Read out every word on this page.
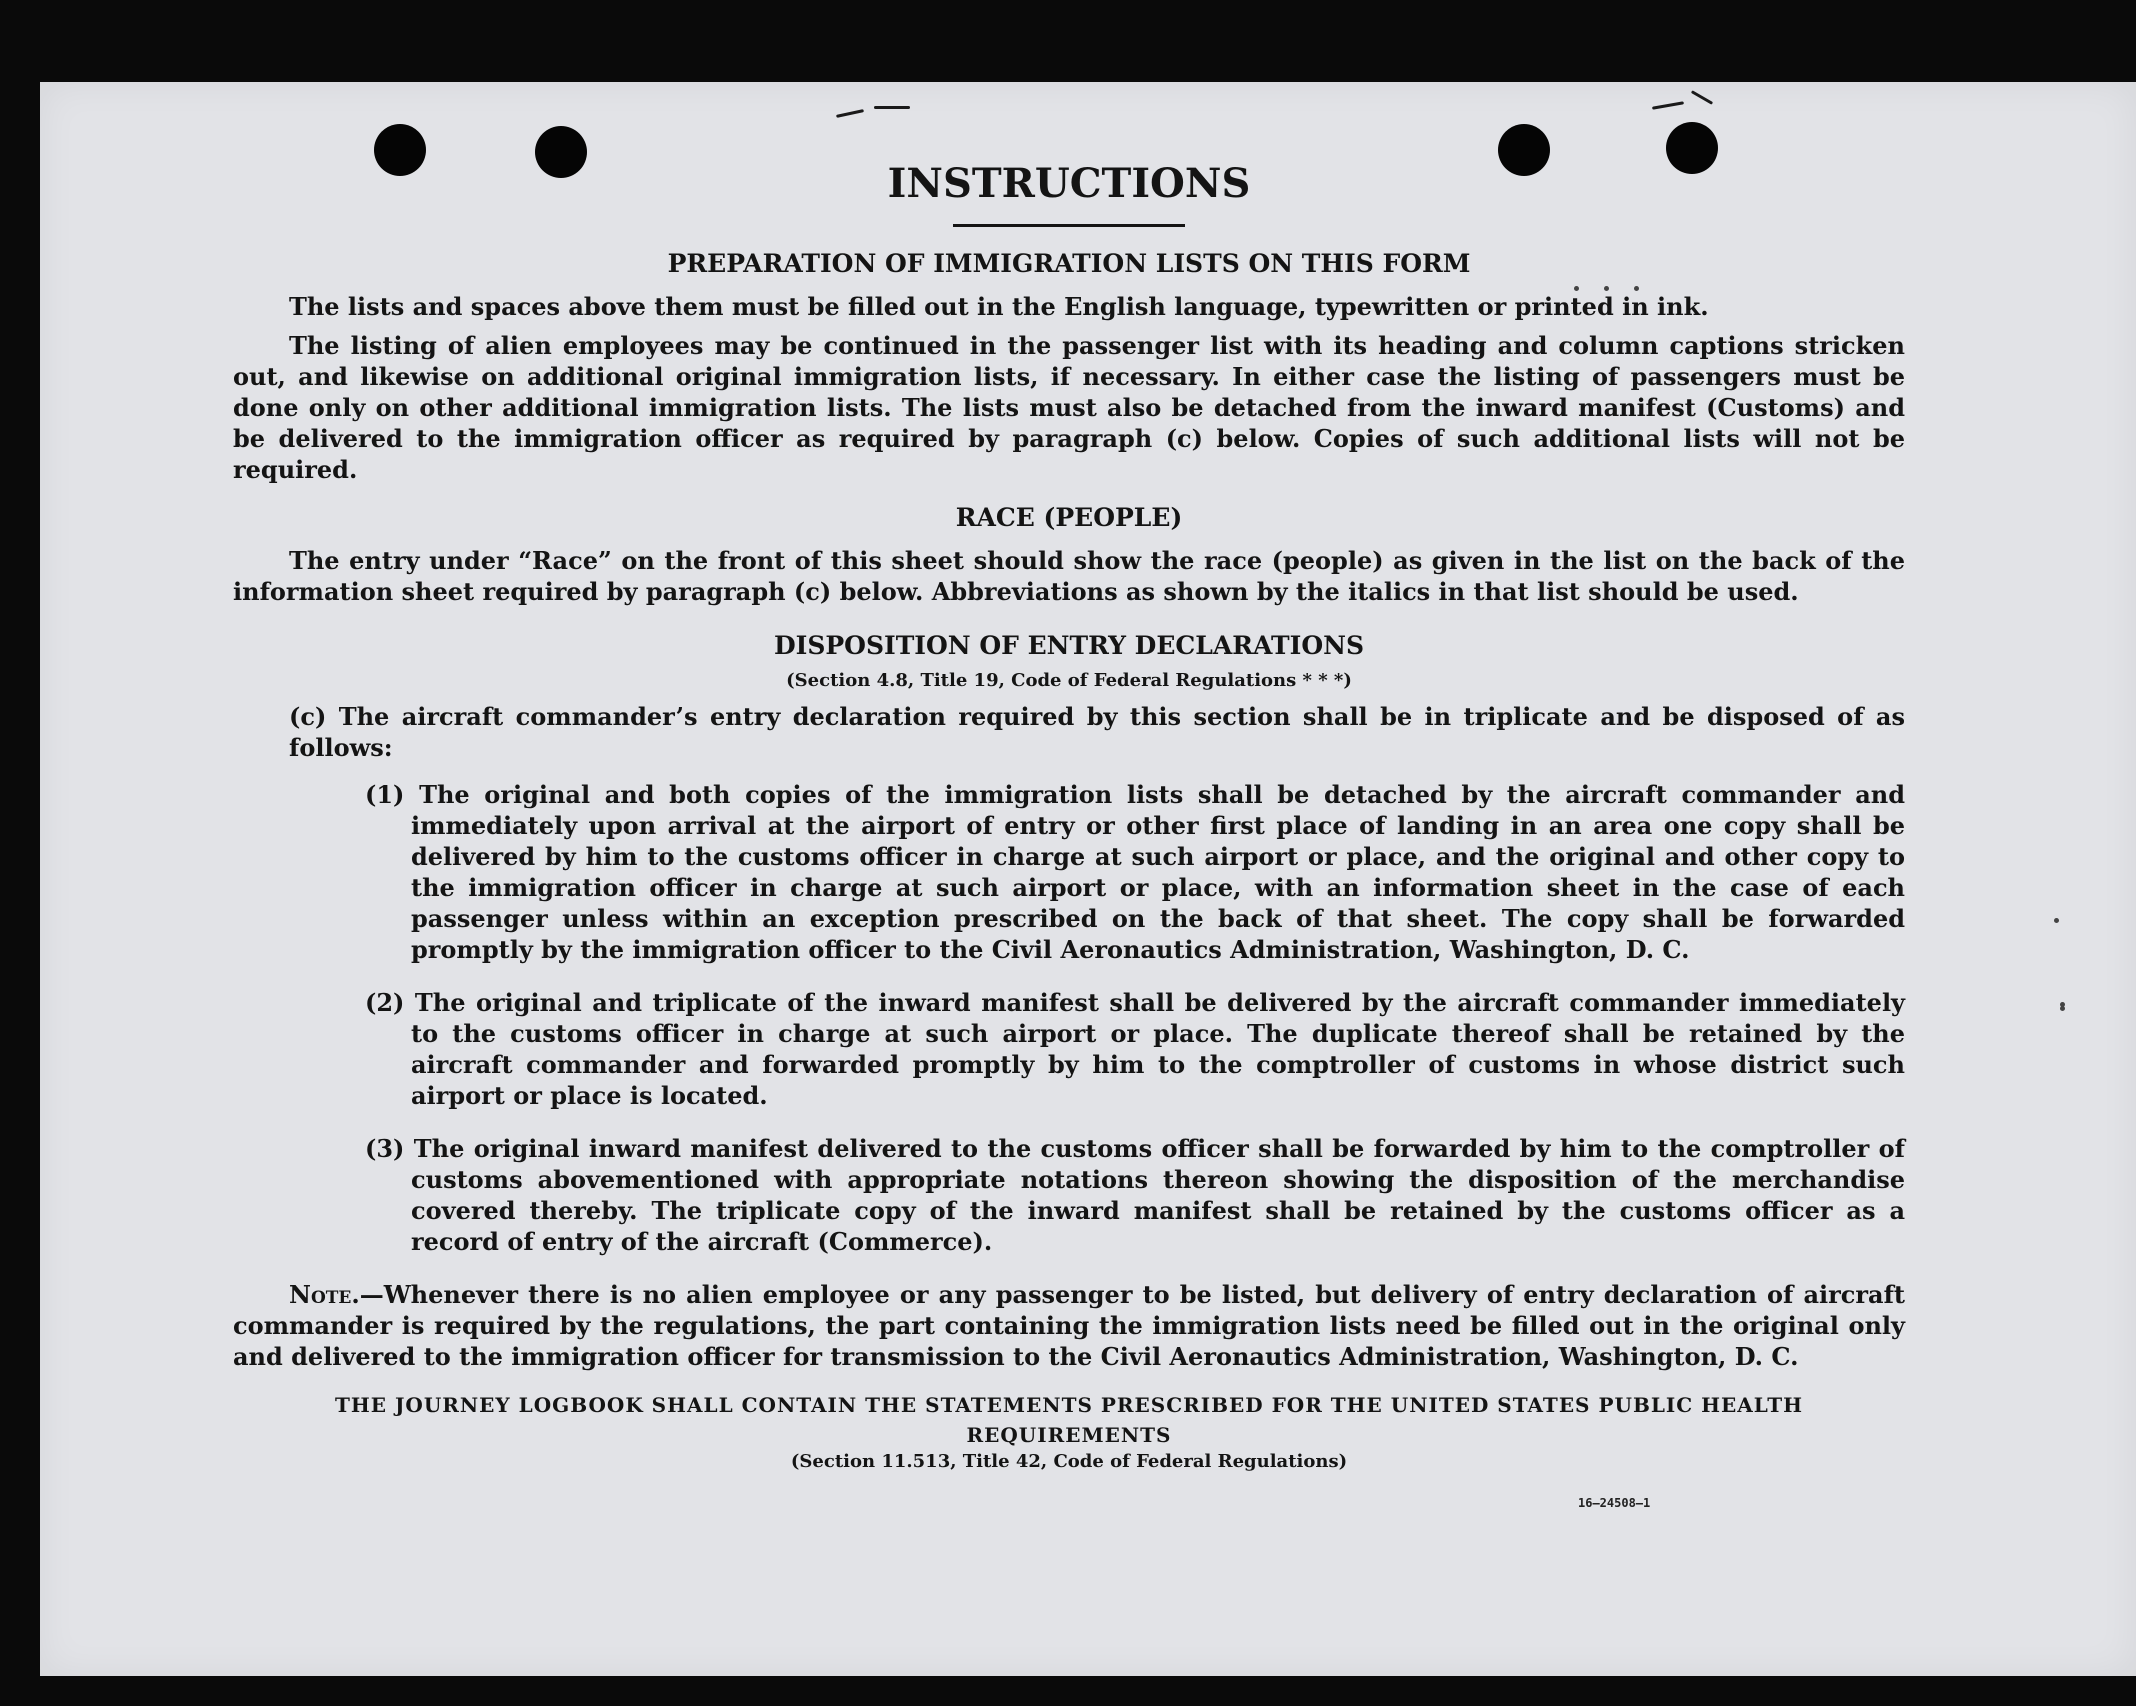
16—24508—1
INSTRUCTIONS
PREPARATION OF IMMIGRATION LISTS ON THIS FORM

The lists and spaces above them must be filled out in the English language, typewritten or printed in ink.

The listing of alien employees may be continued in the passenger list with its heading and column captions stricken out, and likewise on additional original immigration lists, if necessary. In either case the listing of passengers must be done only on other additional immigration lists. The lists must also be detached from the inward manifest (Customs) and be delivered to the immigration officer as required by paragraph (c) below. Copies of such additional lists will not be required.

RACE (PEOPLE)

The entry under “Race” on the front of this sheet should show the race (people) as given in the list on the back of the information sheet required by paragraph (c) below. Abbreviations as shown by the italics in that list should be used.

DISPOSITION OF ENTRY DECLARATIONS
(Section 4.8, Title 19, Code of Federal Regulations * * *)

(c) The aircraft commander’s entry declaration required by this section shall be in triplicate and be disposed of as follows:

(1) The original and both copies of the immigration lists shall be detached by the aircraft commander and immediately upon arrival at the airport of entry or other first place of landing in an area one copy shall be delivered by him to the customs officer in charge at such airport or place, and the original and other copy to the immigration officer in charge at such airport or place, with an information sheet in the case of each passenger unless within an exception prescribed on the back of that sheet. The copy shall be forwarded promptly by the immigration officer to the Civil Aeronautics Administration, Washington, D. C.

(2) The original and triplicate of the inward manifest shall be delivered by the aircraft commander immediately to the customs officer in charge at such airport or place. The duplicate thereof shall be retained by the aircraft commander and forwarded promptly by him to the comptroller of customs in whose district such airport or place is located.

(3) The original inward manifest delivered to the customs officer shall be forwarded by him to the comptroller of customs abovementioned with appropriate notations thereon showing the disposition of the merchandise covered thereby. The triplicate copy of the inward manifest shall be retained by the customs officer as a record of entry of the aircraft (Commerce).

Note.—Whenever there is no alien employee or any passenger to be listed, but delivery of entry declaration of aircraft commander is required by the regulations, the part containing the immigration lists need be filled out in the original only and delivered to the immigration officer for transmission to the Civil Aeronautics Administration, Washington, D. C.

THE JOURNEY LOGBOOK SHALL CONTAIN THE STATEMENTS PRESCRIBED FOR THE UNITED STATES PUBLIC HEALTH REQUIREMENTS
(Section 11.513, Title 42, Code of Federal Regulations)
